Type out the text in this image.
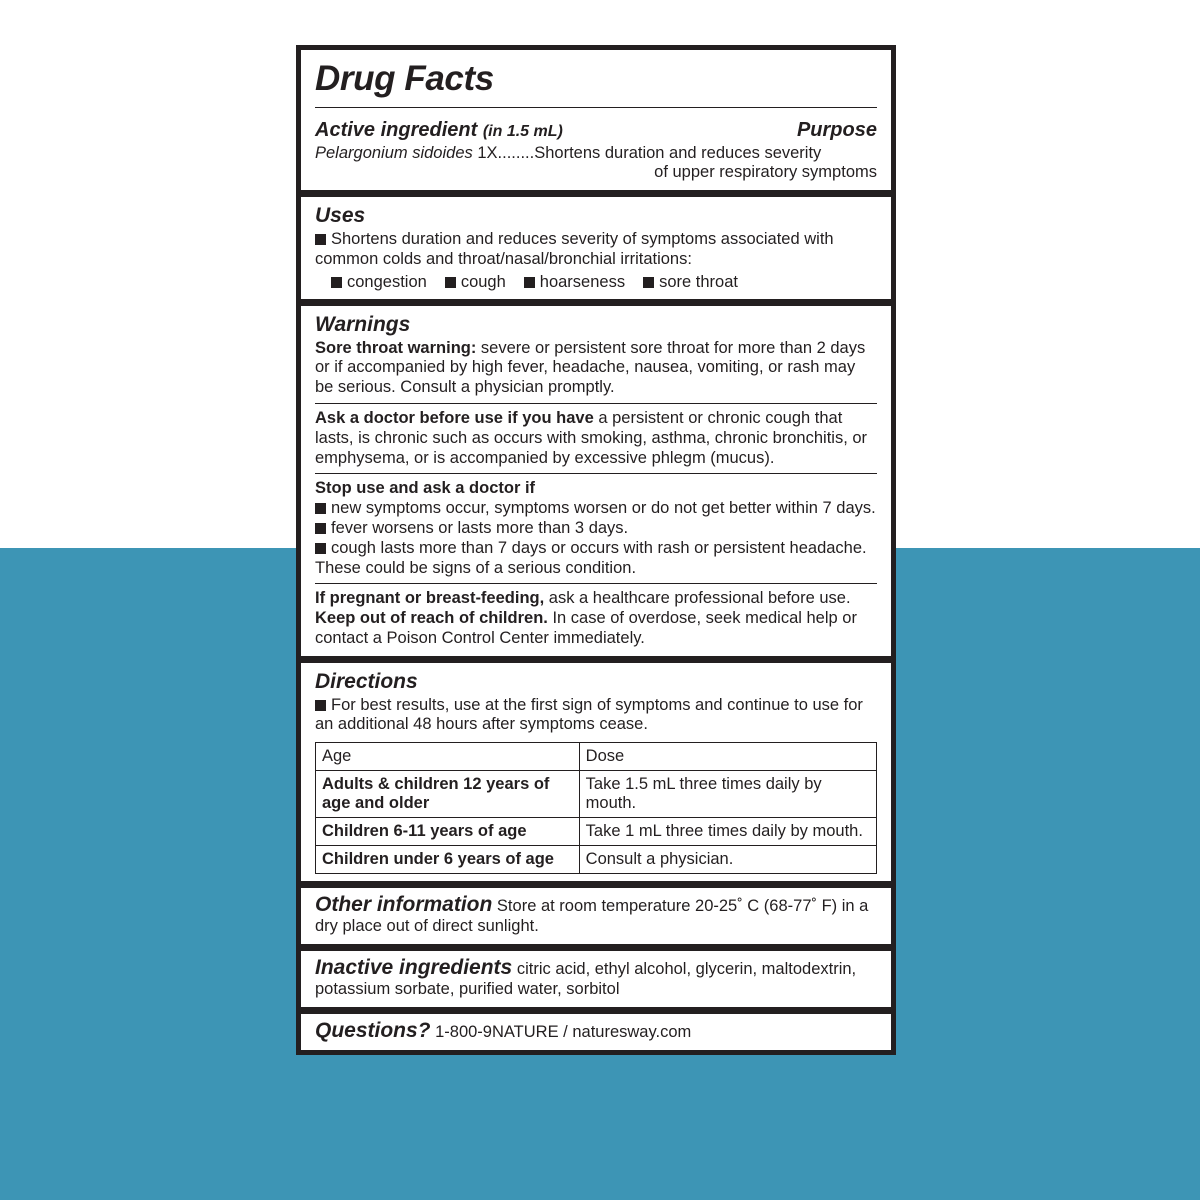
Drug Facts
Active ingredient (in 1.5 mL)	Purpose
Pelargonium sidoides 1X........Shortens duration and reduces severity
of upper respiratory symptoms
Uses
Shortens duration and reduces severity of symptoms associated with common colds and throat/nasal/bronchial irritations:
congestion	cough	hoarseness	sore throat
Warnings
Sore throat warning: severe or persistent sore throat for more than 2 days or if accompanied by high fever, headache, nausea, vomiting, or rash may be serious. Consult a physician promptly.
Ask a doctor before use if you have a persistent or chronic cough that lasts, is chronic such as occurs with smoking, asthma, chronic bronchitis, or emphysema, or is accompanied by excessive phlegm (mucus).
Stop use and ask a doctor if
new symptoms occur, symptoms worsen or do not get better within 7 days. fever worsens or lasts more than 3 days.
cough lasts more than 7 days or occurs with rash or persistent headache. These could be signs of a serious condition.
If pregnant or breast-feeding, ask a healthcare professional before use. Keep out of reach of children. In case of overdose, seek medical help or contact a Poison Control Center immediately.
Directions
For best results, use at the first sign of symptoms and continue to use for an additional 48 hours after symptoms cease.
Age	Dose
Adults & children 12 years of age and older	Take 1.5 mL three times daily by mouth.
Children 6-11 years of age	Take 1 mL three times daily by mouth.
Children under 6 years of age	Consult a physician.
Other information Store at room temperature 20-25˚ C (68-77˚ F) in a dry place out of direct sunlight.
Inactive ingredients citric acid, ethyl alcohol, glycerin, maltodextrin, potassium sorbate, purified water, sorbitol
Questions? 1-800-9NATURE / naturesway.com
